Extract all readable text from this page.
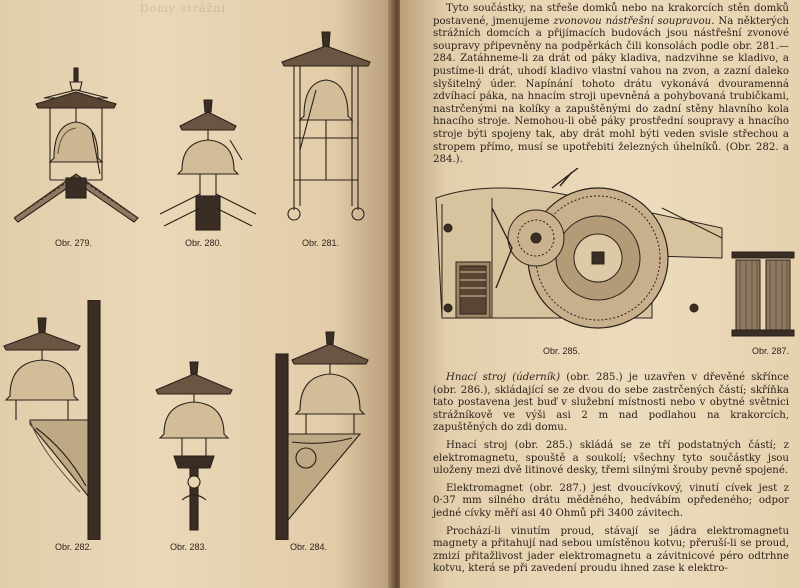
Domy strážní
Obr. 279.	Obr. 280.	Obr. 281.
Obr. 282.	Obr. 283.	Obr. 284.

Tyto součástky, na střeše domků nebo na krakorcích stěn domků postavené, jmenujeme zvonovou nástřešní soupravou. Na některých strážních domcích a přijímacích budovách jsou nástřešní zvonové soupravy připevněny na podpěrkách čili konsolách podle obr. 281.—284. Zatáhneme-li za drát od páky kladiva, nadzvihne se kladivo, a pustíme-li drát, uhodí kladivo vlastní vahou na zvon, a zazní daleko slyšitelný úder. Napínání tohoto drátu vykonává dvouramenná zdvíhací páka, na hnacím stroji upevněná a pohybovaná trubičkami, nastrčenými na kolíky a zapuštěnými do zadní stěny hlavního kola hnacího stroje. Nemohou-li obě páky prostřední soupravy a hnacího stroje býti spojeny tak, aby drát mohl býti veden svisle střechou a stropem přímo, musí se upotřebiti železných úhelníků. (Obr. 282. a 284.).

Obr. 285.	Obr. 287.

Hnací stroj (úderník) (obr. 285.) je uzavřen v dřevěné skřínce (obr. 286.), skládající se ze dvou do sebe zastrčených částí; skříňka tato postavena jest buď v služební místnosti nebo v obytné světnici strážníkově ve výši asi 2 m nad podlahou na krakorcích, zapuštěných do zdi domu.

Hnací stroj (obr. 285.) skládá se ze tří podstatných částí; z elektromagnetu, spouště a soukolí; všechny tyto součástky jsou uloženy mezi dvě litinové desky, třemi silnými šrouby pevně spojené.

Elektromagnet (obr. 287.) jest dvoucívkový, vinutí cívek jest z 0·37 mm silného drátu měděného, hedvábím opředeného; odpor jedné cívky měří asi 40 Ohmů při 3400 závitech.

Prochází-li vinutím proud, stávají se jádra elektromagnetu magnety a přitahují nad sebou umístěnou kotvu; přeruší-li se proud, zmizí přitažlivost jader elektromagnetu a závitnicové péro odtrhne kotvu, která se při zavedení proudu ihned zase k elektro-
